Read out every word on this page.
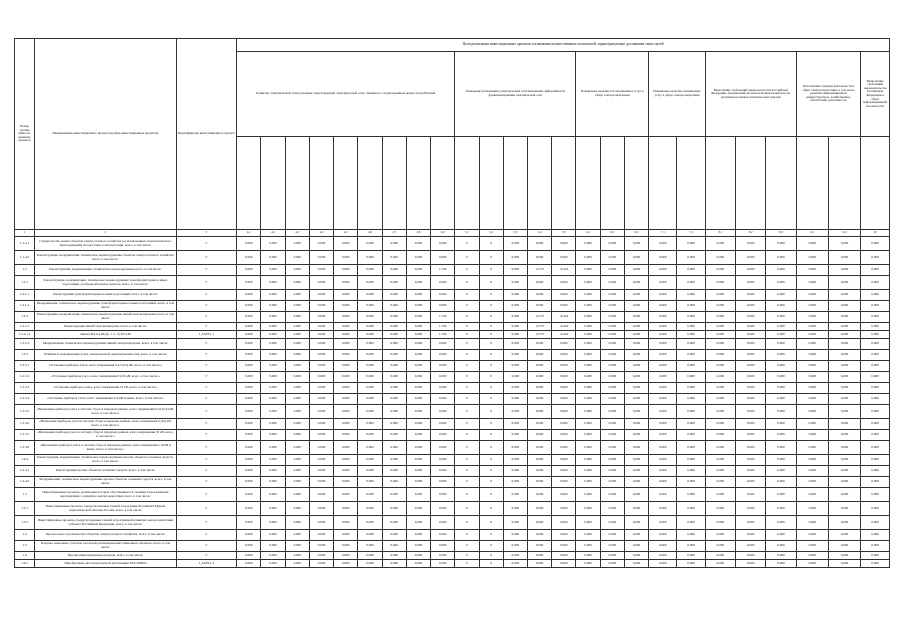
Номер группы инвести-ционных проектов	Наименование инвестиционного проекта (группы инвестиционных проектов)	Идентификатор инвестиционного проекта	Цели реализации инвестиционных проектов и изменения количественных показателей, характеризующие достижение таких целей																								
			Развитие электрической сети/усиление существующей электрической сети, связанное с подключением новых потребителей									Замещение (обновление) электрической сети/повышение эффективности функционирования электрической сети					Повышение надежности оказываемых услуг в сфере электроэнергетики			Повышение качества оказываемых услуг в сфере электроэнергетики		Выполнение требований законодательства Российской Федерации, предписаний органов исполнительной власти, регламентов рынков электрической энергии			Обеспечение текущей деятельности в сфере электроэнергетики, в том числе развитие информационной инфраструктуры, хозяйственное обеспечение деятельности		Выполнение требований законодательства Российской Федерации в сфере информационной безопасности

1	2	3	4.1	4.2	4.3	4.4	4.5	4.6	4.7	4.8	4.9	5.1	5.2	5.3	5.4	5.5	6.1	6.2	6.3	7.1	7.2	8.1	8.2	8.3	9.1	9.2	10
1.1.4.1	Строительство новых объектов электросетевого хозяйства (за исключением технологического присоединения) и подготовка к эксплуатации, всего, в том числе:	Г	0,000	0,000	0,000	0,000	0,000	0,000	0,000	0,000	0,000	0	0	0,000	0,000	0,000	0,000	0,000	0,000	0,000	0,000	0,000	0,000	0,000	0,000	0,000	0,000
1.1.4.2	Реконструкция, модернизация, техническое перевооружение объектов электросетевого хозяйства, всего, в том числе:	Г	0,000	0,000	0,000	0,000	0,000	0,000	0,000	0,000	0,000	0	0	0,000	0,000	0,000	0,000	0,000	0,000	0,000	0,000	0,000	0,000	0,000	0,000	0,000	0,000
1.2	Реконструкция, модернизация, техническое перевооружение всего, в том числе:	Г	0,000	0,000	0,000	0,000	0,000	0,000	0,000	0,000	1,740	0	0	0,000	-0,373	-0,416	0,000	0,000	0,000	0,000	0,000	0,000	0,000	0,000	0,000	0,000	0,000
1.2.1	Реконструкция, модернизация, техническое перевооружение трансформаторных и иных подстанций, распределительных пунктов, всего, в том числе:	Г	0,000	0,000	0,000	0,000	0,000	0,000	0,000	0,000	0,000	0	0	0,000	0,000	0,000	0,000	0,000	0,000	0,000	0,000	0,000	0,000	0,000	0,000	0,000	0,000
1.2.1.1	Реконструкция трансформаторных и иных подстанций, всего, в том числе:	Г	0,000	0,000	0,000	0,000	0,000	0,000	0,000	0,000	0,000	0	0	0,000	0,000	0,000	0,000	0,000	0,000	0,000	0,000	0,000	0,000	0,000	0,000	0,000	0,000
1.2.1.2	Модернизация, техническое перевооружение трансформаторных и иных подстанций, всего, в том числе:	Г	0,000	0,000	0,000	0,000	0,000	0,000	0,000	0,000	0,000	0	0	0,000	0,000	0,000	0,000	0,000	0,000	0,000	0,000	0,000	0,000	0,000	0,000	0,000	0,000
1.2.2	Реконструкция, модернизация, техническое перевооружение линий электропередачи, всего, в том числе:	Г	0,000	0,000	0,000	0,000	0,000	0,000	0,000	0,000	1,740	0	0	0,000	-0,373	-0,416	0,000	0,000	0,000	0,000	0,000	0,000	0,000	0,000	0,000	0,000	0,000
1.2.2.1	Реконструкция линий электропередачи, всего, в том числе:	Г	0,000	0,000	0,000	0,000	0,000	0,000	0,000	0,000	1,740	0	0	0,000	-0,373	-0,416	0,000	0,000	0,000	0,000	0,000	0,000	0,000	0,000	0,000	0,000	0,000
1.2.2.1.1	Замена ВЛ 0,4 кВ (ф. 1, 2, 3) ТП-148	J_ASP23_1	0,000	0,000	0,000	0,000	0,000	0,000	0,000	0,000	1,740	0	0	0,000	-0,373	-0,416	0,000	0,000	0,000	0,000	0,000	0,000	0,000	0,000	0,000	0,000	0,000
1.2.2.2	Модернизация, техническое перевооружение линий электропередачи, всего, в том числе:	Г	0,000	0,000	0,000	0,000	0,000	0,000	0,000	0,000	0,000	0	0	0,000	0,000	0,000	0,000	0,000	0,000	0,000	0,000	0,000	0,000	0,000	0,000	0,000	0,000
1.2.3	Развитие и модернизация учета электрической энергии (мощности), всего, в том числе:	Г	0,000	0,000	0,000	0,000	0,000	0,000	0,000	0,000	0,000	0	0	0,000	0,000	0,000	0,000	0,000	0,000	0,000	0,000	0,000	0,000	0,000	0,000	0,000	0,000
1.2.3.1	«Установка приборов учета, класс напряжения 0,22 (0,4) кВ, всего, в том числе:»	Г	0,000	0,000	0,000	0,000	0,000	0,000	0,000	0,000	0,000	0	0	0,000	0,000	0,000	0,000	0,000	0,000	0,000	0,000	0,000	0,000	0,000	0,000	0,000	0,000
1.2.3.2	«Установка приборов учета, класс напряжения 6 (10) кВ, всего, в том числе:»	Г	0,000	0,000	0,000	0,000	0,000	0,000	0,000	0,000	0,000	0	0	0,000	0,000	0,000	0,000	0,000	0,000	0,000	0,000	0,000	0,000	0,000	0,000	0,000	0,000
1.2.3.3	«Установка приборов учета, класс напряжения 35 кВ, всего, в том числе:»	Г	0,000	0,000	0,000	0,000	0,000	0,000	0,000	0,000	0,000	0	0	0,000	0,000	0,000	0,000	0,000	0,000	0,000	0,000	0,000	0,000	0,000	0,000	0,000	0,000
1.2.3.4	«Установка приборов учета, класс напряжения 110 кВ и выше, всего, в том числе:»	Г	0,000	0,000	0,000	0,000	0,000	0,000	0,000	0,000	0,000	0	0	0,000	0,000	0,000	0,000	0,000	0,000	0,000	0,000	0,000	0,000	0,000	0,000	0,000	0,000
1.2.3.5	«Включение приборов учета в систему сбора и передачи данных, класс напряжения 0,22 (0,4) кВ, всего, в том числе:»	Г	0,000	0,000	0,000	0,000	0,000	0,000	0,000	0,000	0,000	0	0	0,000	0,000	0,000	0,000	0,000	0,000	0,000	0,000	0,000	0,000	0,000	0,000	0,000	0,000
1.2.3.6	«Включение приборов учета в систему сбора и передачи данных, класс напряжения 6 (10) кВ, всего, в том числе:»	Г	0,000	0,000	0,000	0,000	0,000	0,000	0,000	0,000	0,000	0	0	0,000	0,000	0,000	0,000	0,000	0,000	0,000	0,000	0,000	0,000	0,000	0,000	0,000	0,000
1.2.3.7	«Включение приборов учета в систему сбора и передачи данных, класс напряжения 35 кВ, всего, в том числе:»	Г	0,000	0,000	0,000	0,000	0,000	0,000	0,000	0,000	0,000	0	0	0,000	0,000	0,000	0,000	0,000	0,000	0,000	0,000	0,000	0,000	0,000	0,000	0,000	0,000
1.2.3.8	«Включение приборов учета в систему сбора и передачи данных, класс напряжения 110 кВ и выше, всего, в том числе:»	Г	0,000	0,000	0,000	0,000	0,000	0,000	0,000	0,000	0,000	0	0	0,000	0,000	0,000	0,000	0,000	0,000	0,000	0,000	0,000	0,000	0,000	0,000	0,000	0,000
1.2.4	Реконструкция, модернизация, техническое перевооружение прочих объектов основных средств, всего, в том числе:	Г	0,000	0,000	0,000	0,000	0,000	0,000	0,000	0,000	0,000	0	0	0,000	0,000	0,000	0,000	0,000	0,000	0,000	0,000	0,000	0,000	0,000	0,000	0,000	0,000
1.2.4.1	Реконструкция прочих объектов основных средств, всего, в том числе:	Г	0,000	0,000	0,000	0,000	0,000	0,000	0,000	0,000	0,000	0	0	0,000	0,000	0,000	0,000	0,000	0,000	0,000	0,000	0,000	0,000	0,000	0,000	0,000	0,000
1.2.4.2	Модернизация, техническое перевооружение прочих объектов основных средств, всего, в том числе:	Г	0,000	0,000	0,000	0,000	0,000	0,000	0,000	0,000	0,000	0	0	0,000	0,000	0,000	0,000	0,000	0,000	0,000	0,000	0,000	0,000	0,000	0,000	0,000	0,000
1.3	Инвестиционные проекты, реализация которых обуславливается схемами и программами перспективного развития электроэнергетики, всего, в том числе:	Г	0,000	0,000	0,000	0,000	0,000	0,000	0,000	0,000	0,000	0	0	0,000	0,000	0,000	0,000	0,000	0,000	0,000	0,000	0,000	0,000	0,000	0,000	0,000	0,000
1.3.1	Инвестиционные проекты, предусмотренные схемой и программой развития Единой энергетической системы России, всего, в том числе:	Г	0,000	0,000	0,000	0,000	0,000	0,000	0,000	0,000	0,000	0	0	0,000	0,000	0,000	0,000	0,000	0,000	0,000	0,000	0,000	0,000	0,000	0,000	0,000	0,000
1.3.2	Инвестиционные проекты, предусмотренные схемой и программой развития электроэнергетики субъекта Российской Федерации, всего, в том числе:	Г	0,000	0,000	0,000	0,000	0,000	0,000	0,000	0,000	0,000	0	0	0,000	0,000	0,000	0,000	0,000	0,000	0,000	0,000	0,000	0,000	0,000	0,000	0,000	0,000
1.4	Прочее новое строительство объектов электросетевого хозяйства, всего, в том числе:	Г	0,000	0,000	0,000	0,000	0,000	0,000	0,000	0,000	0,000	0	0	0,000	0,000	0,000	0,000	0,000	0,000	0,000	0,000	0,000	0,000	0,000	0,000	0,000	0,000
1.5	Покупка земельных участков для целей реализации инвестиционных проектов, всего, в том числе:	Г	0,000	0,000	0,000	0,000	0,000	0,000	0,000	0,000	0,000	0	0	0,000	0,000	0,000	0,000	0,000	0,000	0,000	0,000	0,000	0,000	0,000	0,000	0,000	0,000
1.6	Прочие инвестиционные проекты, всего, в том числе:	Г	0,000	0,000	0,000	0,000	0,000	0,000	0,000	0,000	0,000	0	0	0,000	0,000	0,000	0,000	0,000	0,000	0,000	0,000	0,000	0,000	0,000	0,000	0,000	0,000
1.6.1	Приобретение автотранспортной автотехники УАЗ-390995	J_ASP23_2	0,000	0,000	0,000	0,000	0,000	0,000	0,000	0,000	0,000	0	0	0,000	0,000	0,000	0,000	0,000	0,000	0,000	0,000	0,000	0,000	0,000	0,000	0,000	0,000
